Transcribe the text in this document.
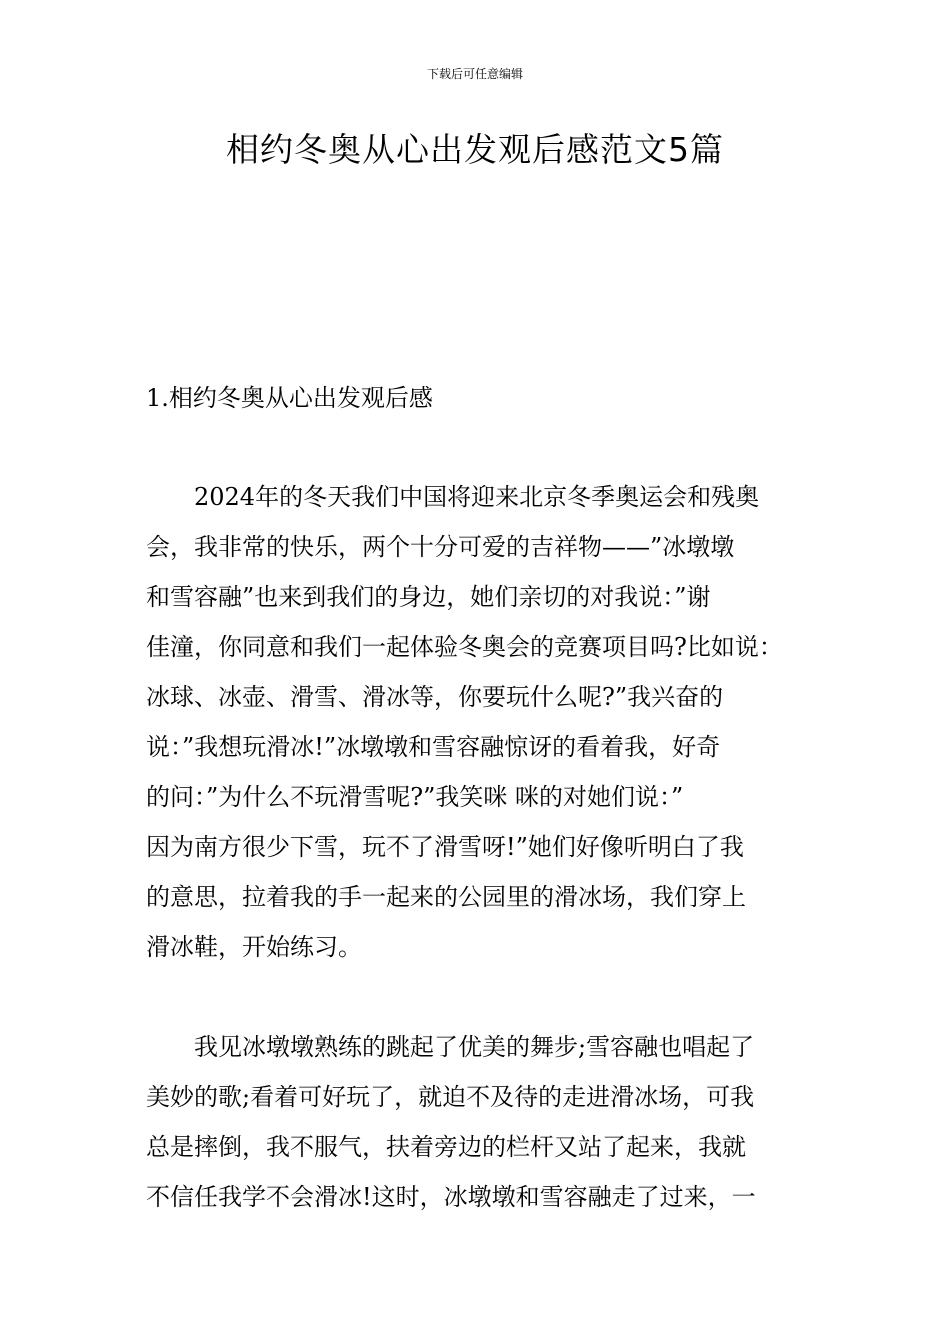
下载后可任意编辑
相约冬奥从心出发观后感范文5篇
1.相约冬奥从心出发观后感
　　2024年的冬天我们中国将迎来北京冬季奥运会和残奥
会，我非常的快乐，两个十分可爱的吉祥物——”冰墩墩
和雪容融”也来到我们的身边，她们亲切的对我说：”谢
佳潼，你同意和我们一起体验冬奥会的竞赛项目吗?比如说：
冰球、冰壶、滑雪、滑冰等，你要玩什么呢?”我兴奋的
说：”我想玩滑冰!”冰墩墩和雪容融惊讶的看着我，好奇
的问：”为什么不玩滑雪呢?”我笑咪 咪的对她们说：”
因为南方很少下雪，玩不了滑雪呀!”她们好像听明白了我
的意思，拉着我的手一起来的公园里的滑冰场，我们穿上
滑冰鞋，开始练习。
　　我见冰墩墩熟练的跳起了优美的舞步;雪容融也唱起了
美妙的歌;看着可好玩了，就迫不及待的走进滑冰场，可我
总是摔倒，我不服气，扶着旁边的栏杆又站了起来，我就
不信任我学不会滑冰!这时，冰墩墩和雪容融走了过来，一
